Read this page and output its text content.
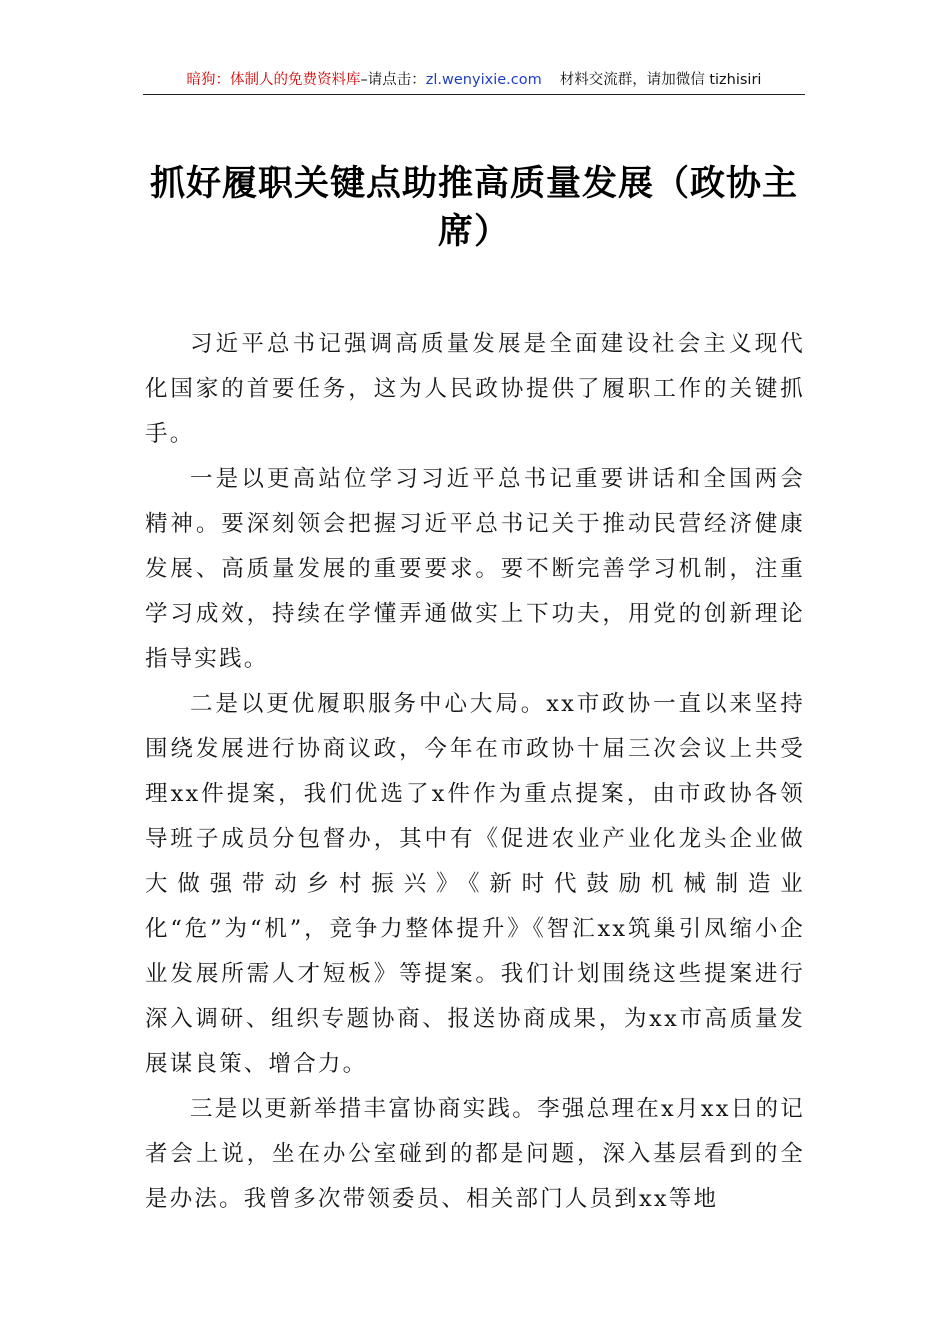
暗狗：体制人的免费资料库–请点击：zl.wenyixie.com 材料交流群，请加微信 tizhisiri
抓好履职关键点助推高质量发展（政协主席）

习近平总书记强调高质量发展是全面建设社会主义现代化国家的首要任务，这为人民政协提供了履职工作的关键抓手。

一是以更高站位学习习近平总书记重要讲话和全国两会精神。要深刻领会把握习近平总书记关于推动民营经济健康发展、高质量发展的重要要求。要不断完善学习机制，注重学习成效，持续在学懂弄通做实上下功夫，用党的创新理论指导实践。

二是以更优履职服务中心大局。xx市政协一直以来坚持围绕发展进行协商议政，今年在市政协十届三次会议上共受理xx件提案，我们优选了x件作为重点提案，由市政协各领导班子成员分包督办，其中有《促进农业产业化龙头企业做大做强带动乡村振兴》《新时代鼓励机械制造业化“危”为“机”，竞争力整体提升》《智汇xx筑巢引凤缩小企业发展所需人才短板》等提案。我们计划围绕这些提案进行深入调研、组织专题协商、报送协商成果，为xx市高质量发展谋良策、增合力。

三是以更新举措丰富协商实践。李强总理在x月xx日的记者会上说，坐在办公室碰到的都是问题，深入基层看到的全是办法。我曾多次带领委员、相关部门人员到xx等地
